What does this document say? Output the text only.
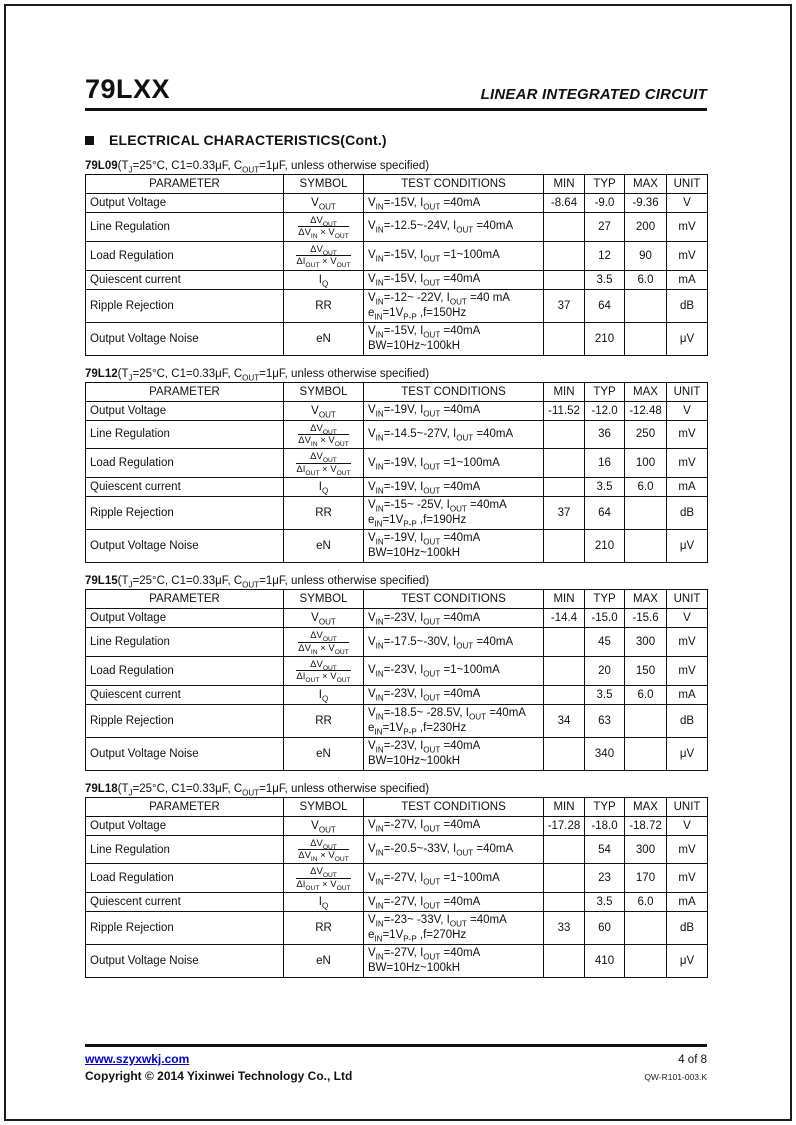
79LXX	LINEAR INTEGRATED CIRCUIT
ELECTRICAL CHARACTERISTICS(Cont.)
$79L09(T_J=25^\circ C$, C1=0.33μF, $C_{OUT}=1\mu F$, unless otherwise specified)
PARAMETER	SYMBOL	TEST CONDITIONS	MIN	TYP	MAX	UNIT
Output Voltage	$V_{OUT}$	$V_{IN}=-15V$, $I_{OUT} =40mA$	-8.64	-9.0	-9.36	V
Line Regulation	$\frac{\Delta V_{OUT}}{\Delta V_{IN} \times V_{OUT}}$	$V_{IN}=-12.5\sim-24V$, $I_{OUT} =40mA$		27	200	mV
Load Regulation	$\frac{\Delta V_{OUT}}{\Delta I_{OUT} \times V_{OUT}}$	$V_{IN}=-15V$, $I_{OUT}$ =1~100mA		12	90	mV
Quiescent current	$I_Q$	$V_{IN}=-15V$, $I_{OUT} =40mA$		3.5	6.0	mA
Ripple Rejection	RR	$V_{IN}=-12\sim$ -22V, $I_{OUT} =40$ mA
$e_{IN}=1V_{P-P}$ ,f=150Hz	37	64		dB
Output Voltage Noise	eN	$V_{IN}=-15V$, $I_{OUT} =40mA$
BW=10Hz~100kH		210		μV
$79L12(T_J=25^\circ C$, C1=0.33μF, $C_{OUT}=1\mu F$, unless otherwise specified)
PARAMETER	SYMBOL	TEST CONDITIONS	MIN	TYP	MAX	UNIT
Output Voltage	$V_{OUT}$	$V_{IN}=-19V$, $I_{OUT} =40mA$	-11.52	-12.0	-12.48	V
Line Regulation	$\frac{\Delta V_{OUT}}{\Delta V_{IN} \times V_{OUT}}$	$V_{IN}=-14.5\sim-27V$, $I_{OUT} =40mA$		36	250	mV
Load Regulation	$\frac{\Delta V_{OUT}}{\Delta I_{OUT} \times V_{OUT}}$	$V_{IN}=-19V$, $I_{OUT}$ =1~100mA		16	100	mV
Quiescent current	$I_Q$	$V_{IN}=-19V$, $I_{OUT} =40mA$		3.5	6.0	mA
Ripple Rejection	RR	$V_{IN}=-15\sim$ -25V, $I_{OUT} =40mA$
$e_{IN}=1V_{P-P}$ ,f=190Hz	37	64		dB
Output Voltage Noise	eN	$V_{IN}=-19V$, $I_{OUT} =40mA$
BW=10Hz~100kH		210		μV
$79L15(T_J=25^\circ C$, C1=0.33μF, $C_{OUT}=1\mu F$, unless otherwise specified)
PARAMETER	SYMBOL	TEST CONDITIONS	MIN	TYP	MAX	UNIT
Output Voltage	$V_{OUT}$	$V_{IN}=-23V$, $I_{OUT} =40mA$	-14.4	-15.0	-15.6	V
Line Regulation	$\frac{\Delta V_{OUT}}{\Delta V_{IN} \times V_{OUT}}$	$V_{IN}=-17.5\sim-30V$, $I_{OUT} =40mA$		45	300	mV
Load Regulation	$\frac{\Delta V_{OUT}}{\Delta I_{OUT} \times V_{OUT}}$	$V_{IN}=-23V$, $I_{OUT}$ =1~100mA		20	150	mV
Quiescent current	$I_Q$	$V_{IN}=-23V$, $I_{OUT} =40mA$		3.5	6.0	mA
Ripple Rejection	RR	$V_{IN}=-18.5\sim$ -28.5V, $I_{OUT} =40mA$
$e_{IN}=1V_{P-P}$ ,f=230Hz	34	63		dB
Output Voltage Noise	eN	$V_{IN}=-23V$, $I_{OUT} =40mA$
BW=10Hz~100kH		340		μV
$79L18(T_J=25^\circ C$, C1=0.33μF, $C_{OUT}=1\mu F$, unless otherwise specified)
PARAMETER	SYMBOL	TEST CONDITIONS	MIN	TYP	MAX	UNIT
Output Voltage	$V_{OUT}$	$V_{IN}=-27V$, $I_{OUT} =40mA$	-17.28	-18.0	-18.72	V
Line Regulation	$\frac{\Delta V_{OUT}}{\Delta V_{IN} \times V_{OUT}}$	$V_{IN}=-20.5\sim-33V$, $I_{OUT} =40mA$		54	300	mV
Load Regulation	$\frac{\Delta V_{OUT}}{\Delta I_{OUT} \times V_{OUT}}$	$V_{IN}=-27V$, $I_{OUT}$ =1~100mA		23	170	mV
Quiescent current	$I_Q$	$V_{IN}=-27V$, $I_{OUT} =40mA$		3.5	6.0	mA
Ripple Rejection	RR	$V_{IN}=-23\sim$ -33V, $I_{OUT} =40mA$
$e_{IN}=1V_{P-P}$ ,f=270Hz	33	60		dB
Output Voltage Noise	eN	$V_{IN}=-27V$, $I_{OUT} =40mA$
BW=10Hz~100kH		410		μV
www.szyxwkj.com	4 of 8
Copyright © 2014 Yixinwei Technology Co., Ltd	QW-R101-003.K
